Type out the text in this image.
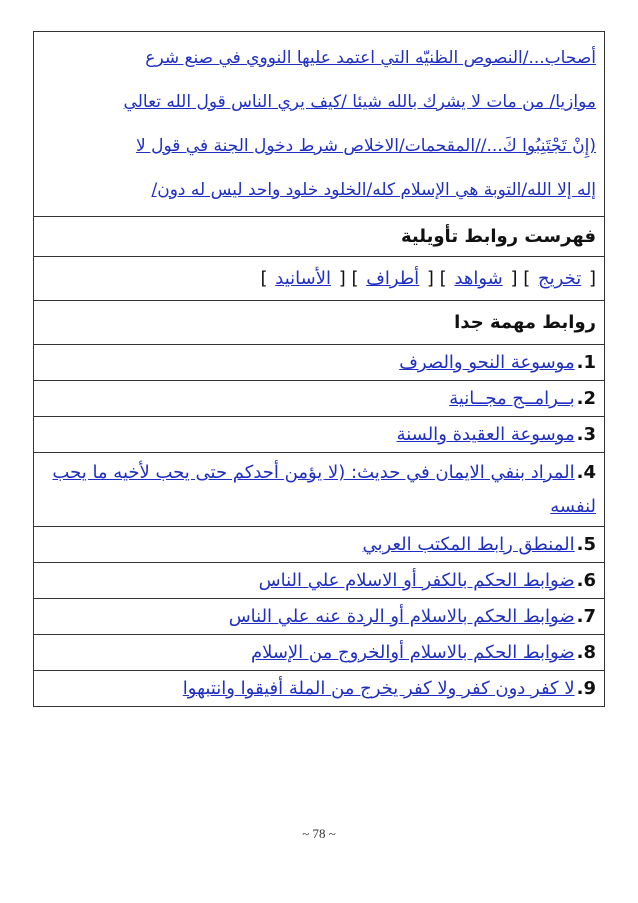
أصحاب.../النصوص الظنيّه التي اعتمد عليها النووي في صنع شرع
موازيا/ من مات لا يشرك بالله شيئا /كيف يري الناس قول الله تعالي
(إِنْ تَجْتَنِبُوا كَ...//المقحمات/الاخلاص شرط دخول الجنة في قول لا
إله إلا الله/التوبة هي الإسلام كله/الخلود خلود واحد ليس له دون/

فهرست روابط تأويلية
[ تخريج ] [ شواهد ] [ أطراف ] [ الأسانيد ]
روابط مهمة جدا
1.موسوعة النحو والصرف
2.بــرامــج مجــانية
3.موسوعة العقيدة والسنة
4.المراد بنفي الايمان في حديث: (لا يؤمن أحدكم حتى يحب لأخيه ما يحب لنفسه
5.المنطق رابط المكتب العربي
6.ضوابط الحكم بالكفر أو الاسلام علي الناس
7.ضوابط الحكم بالاسلام أو الردة عنه علي الناس
8.ضوابط الحكم بالاسلام أوالخروج من الإسلام
9.لا كفر دون كفر ولا كفر يخرج من الملة أفيقوا وانتبهوا
~ 78 ~
